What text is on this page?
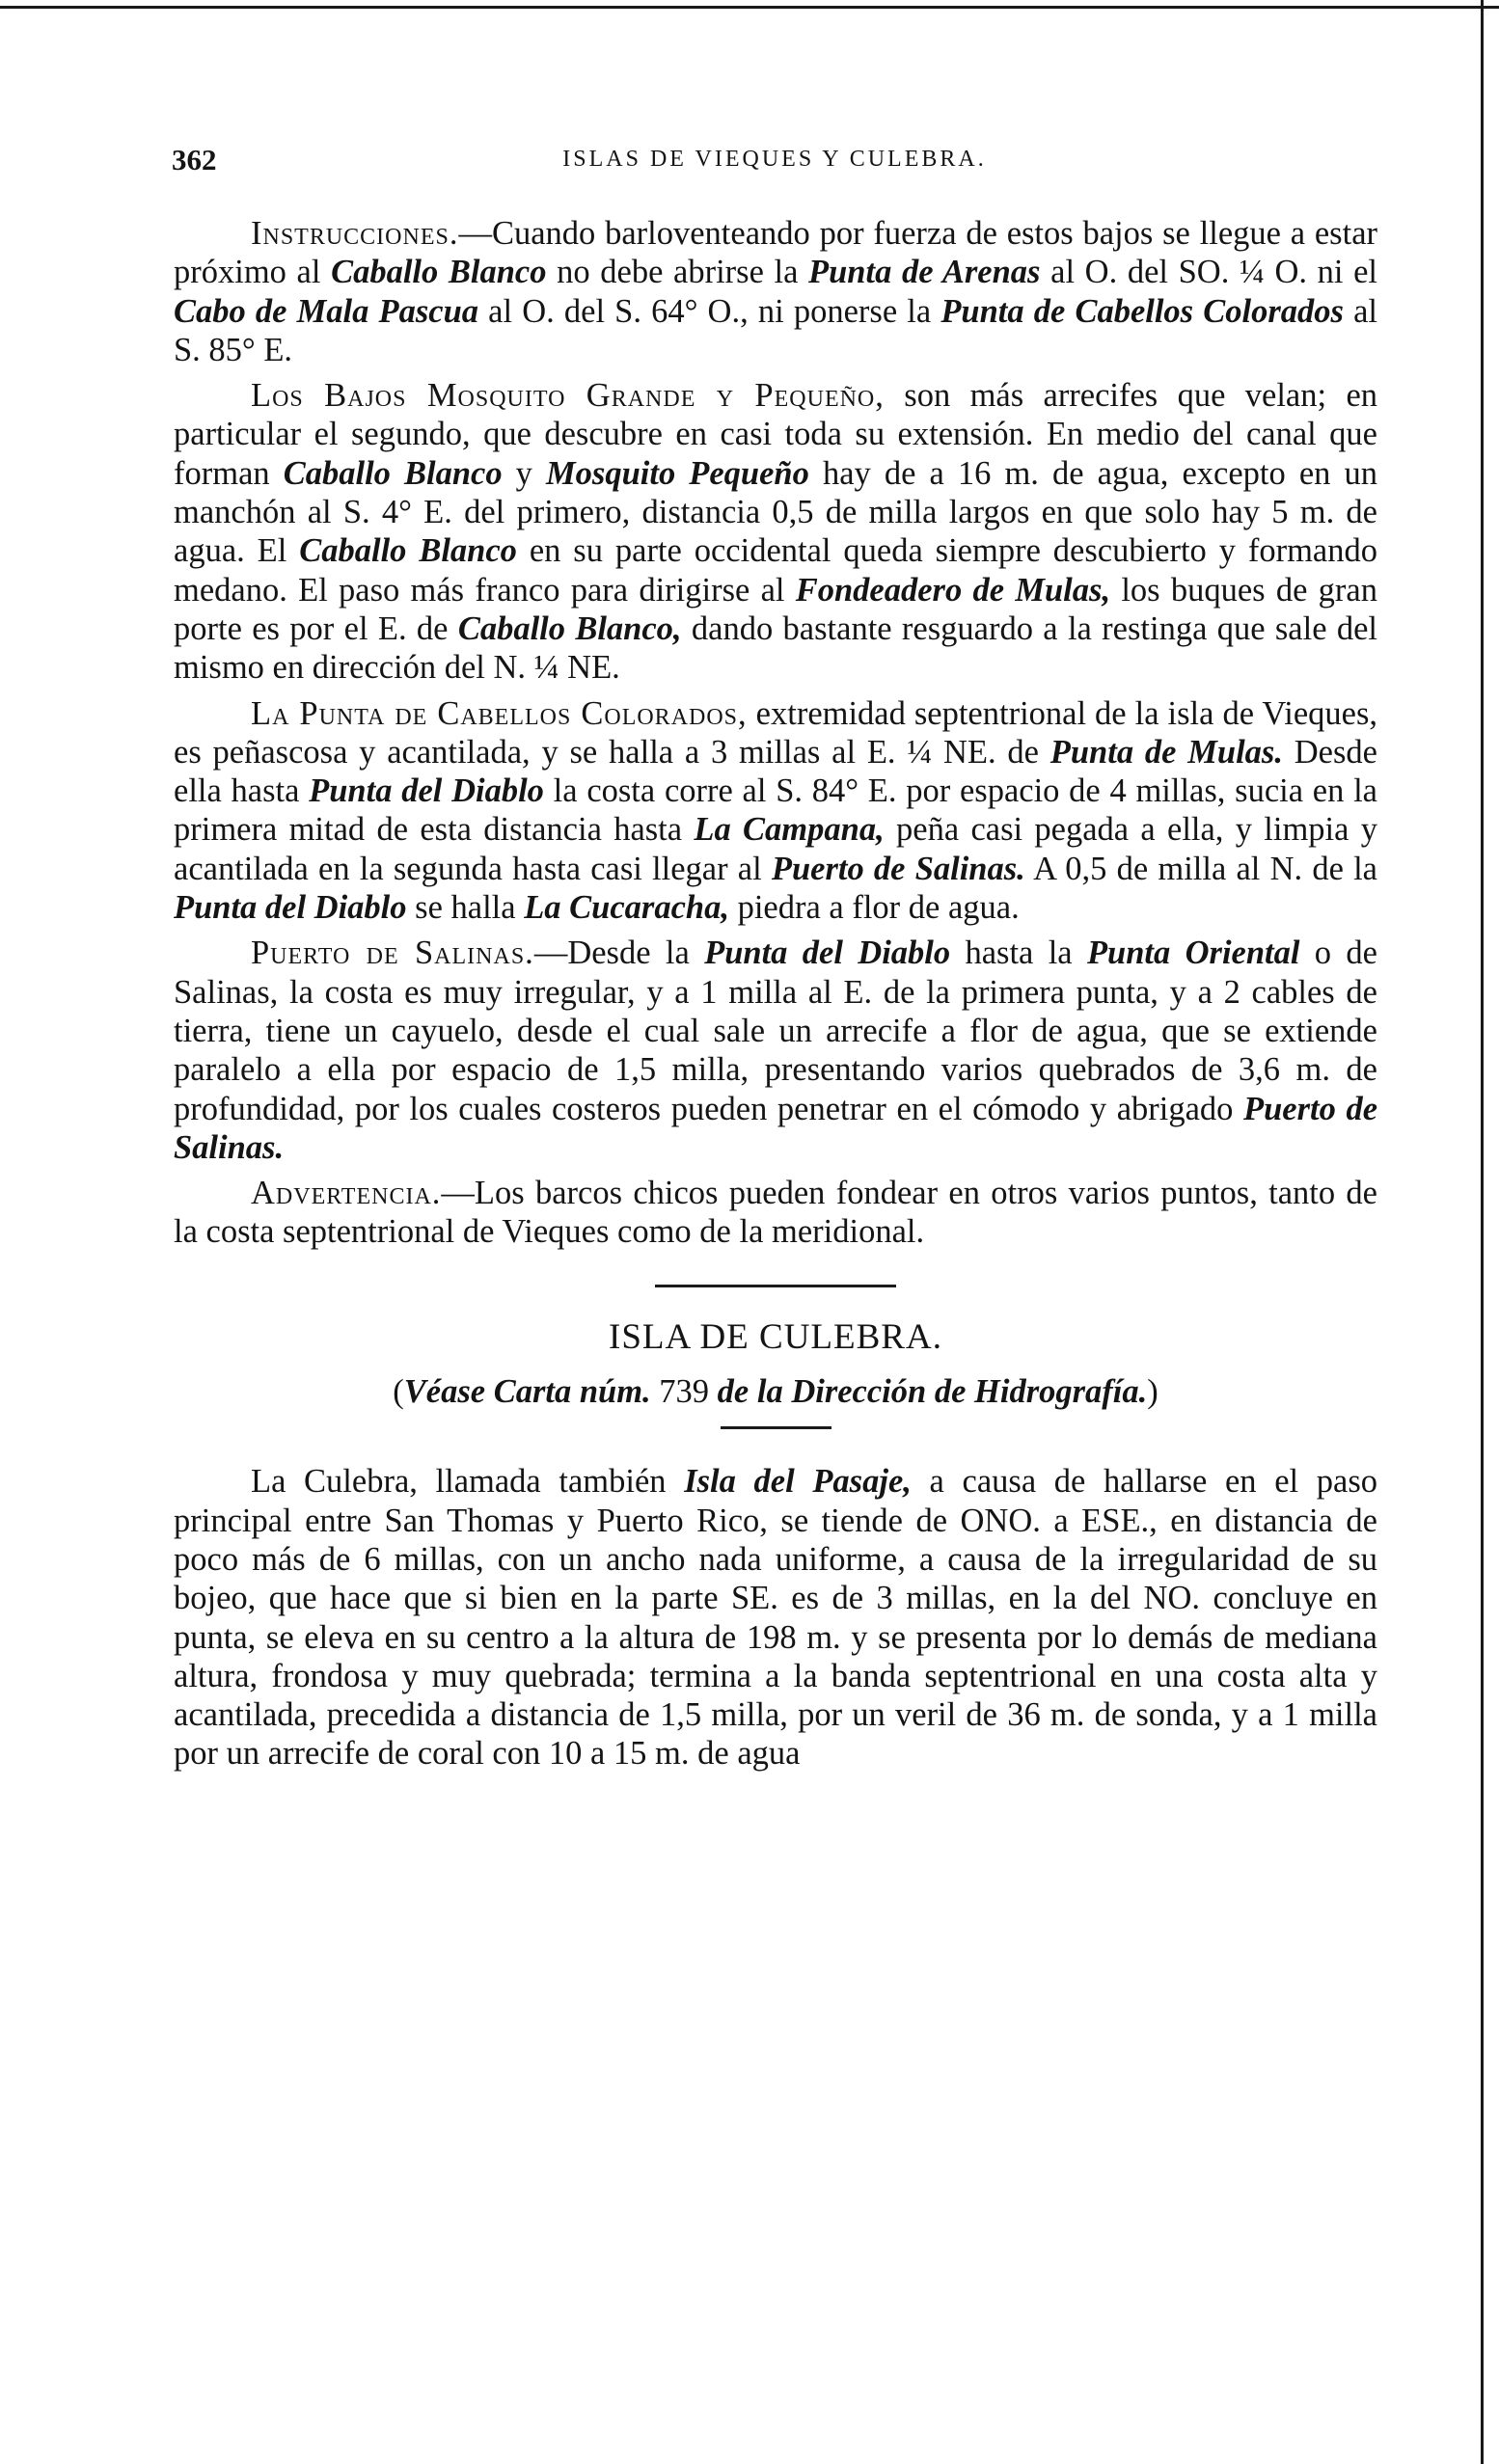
362	ISLAS DE VIEQUES Y CULEBRA.

Instrucciones.—Cuando barloventeando por fuerza de estos bajos se llegue a estar próximo al Caballo Blanco no debe abrirse la Punta de Arenas al O. del SO. ¼ O. ni el Cabo de Mala Pascua al O. del S. 64° O., ni ponerse la Punta de Cabellos Colorados al S. 85° E.

Los Bajos Mosquito Grande y Pequeño, son más arrecifes que velan; en particular el segundo, que descubre en casi toda su extensión. En medio del canal que forman Caballo Blanco y Mosquito Pequeño hay de a 16 m. de agua, excepto en un manchón al S. 4° E. del primero, distancia 0,5 de milla largos en que solo hay 5 m. de agua. El Caballo Blanco en su parte occidental queda siempre descubierto y formando medano. El paso más franco para dirigirse al Fondeadero de Mulas, los buques de gran porte es por el E. de Caballo Blanco, dando bastante resguardo a la restinga que sale del mismo en dirección del N. ¼ NE.

La Punta de Cabellos Colorados, extremidad septentrional de la isla de Vieques, es peñascosa y acantilada, y se halla a 3 millas al E. ¼ NE. de Punta de Mulas. Desde ella hasta Punta del Diablo la costa corre al S. 84° E. por espacio de 4 millas, sucia en la primera mitad de esta distancia hasta La Campana, peña casi pegada a ella, y limpia y acantilada en la segunda hasta casi llegar al Puerto de Salinas. A 0,5 de milla al N. de la Punta del Diablo se halla La Cucaracha, piedra a flor de agua.

Puerto de Salinas.—Desde la Punta del Diablo hasta la Punta Oriental o de Salinas, la costa es muy irregular, y a 1 milla al E. de la primera punta, y a 2 cables de tierra, tiene un cayuelo, desde el cual sale un arrecife a flor de agua, que se extiende paralelo a ella por espacio de 1,5 milla, presentando varios quebrados de 3,6 m. de profundidad, por los cuales costeros pueden penetrar en el cómodo y abrigado Puerto de Salinas.

Advertencia.—Los barcos chicos pueden fondear en otros varios puntos, tanto de la costa septentrional de Vieques como de la meridional.

ISLA DE CULEBRA.
(Véase Carta núm. 739 de la Dirección de Hidrografía.)

La Culebra, llamada también Isla del Pasaje, a causa de hallarse en el paso principal entre San Thomas y Puerto Rico, se tiende de ONO. a ESE., en distancia de poco más de 6 millas, con un ancho nada uniforme, a causa de la irregularidad de su bojeo, que hace que si bien en la parte SE. es de 3 millas, en la del NO. concluye en punta, se eleva en su centro a la altura de 198 m. y se presenta por lo demás de mediana altura, frondosa y muy quebrada; termina a la banda septentrional en una costa alta y acantilada, precedida a distancia de 1,5 milla, por un veril de 36 m. de sonda, y a 1 milla por un arrecife de coral con 10 a 15 m. de agua
